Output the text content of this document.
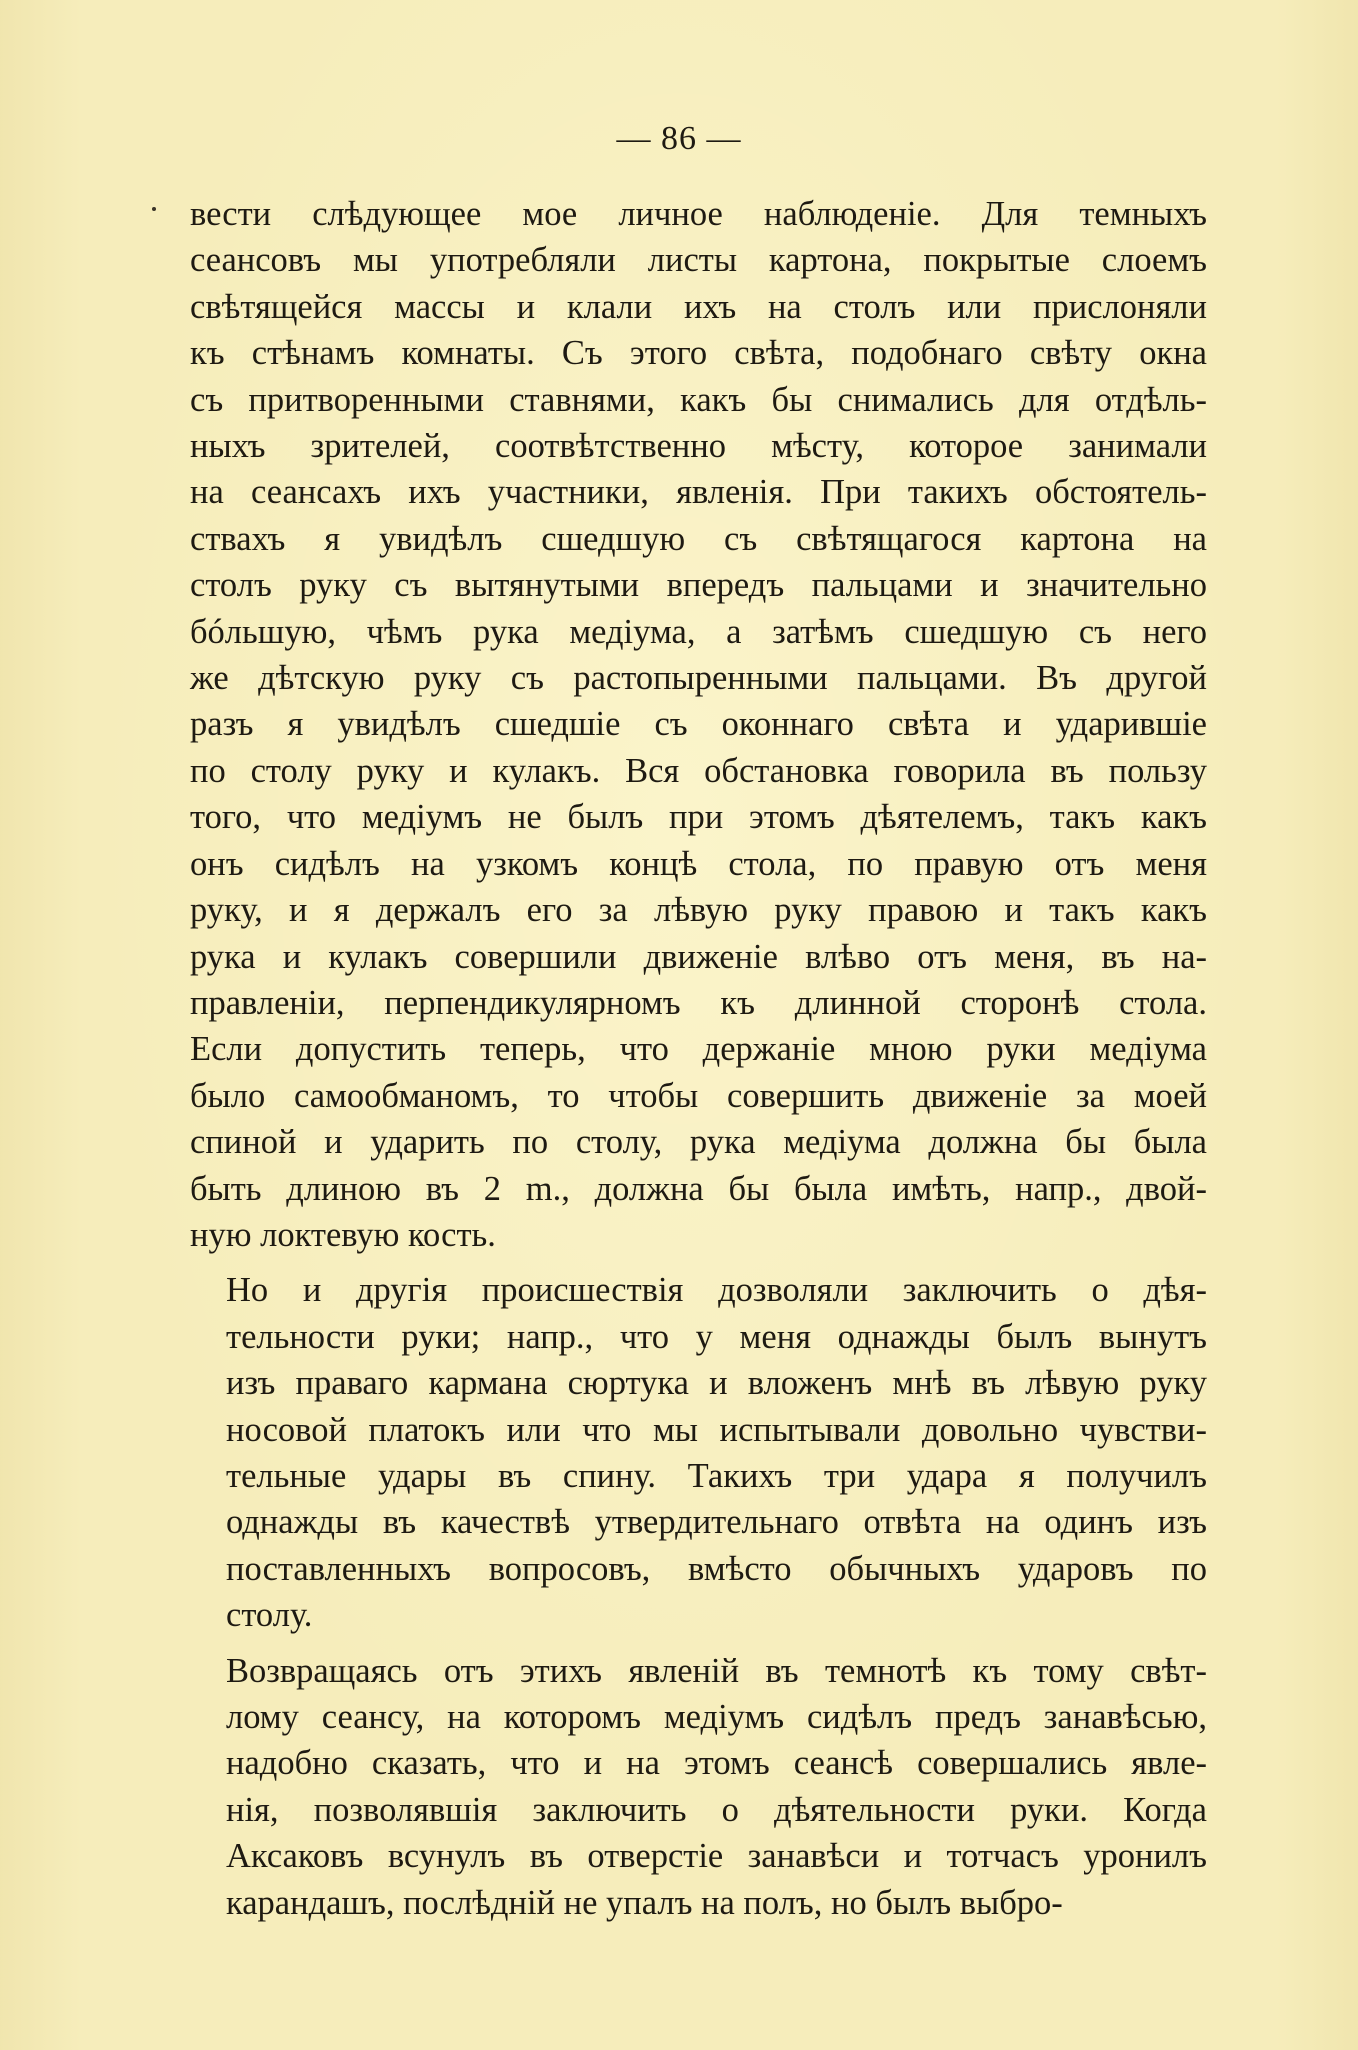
— 86 —

вести слѣдующее мое личное наблюденіе. Для темныхъ
сеансовъ мы употребляли листы картона, покрытые слоемъ
свѣтящейся массы и клали ихъ на столъ или прислоняли
къ стѣнамъ комнаты. Съ этого свѣта, подобнаго свѣту окна
съ притворенными ставнями, какъ бы снимались для отдѣль-
ныхъ зрителей, соотвѣтственно мѣсту, которое занимали
на сеансахъ ихъ участники, явленія. При такихъ обстоятель-
ствахъ я увидѣлъ сшедшую съ свѣтящагося картона на
столъ руку съ вытянутыми впередъ пальцами и значительно
бóльшую, чѣмъ рука медіума, а затѣмъ сшедшую съ него
же дѣтскую руку съ растопыренными пальцами. Въ другой
разъ я увидѣлъ сшедшіе съ оконнаго свѣта и ударившіе
по столу руку и кулакъ. Вся обстановка говорила въ пользу
того, что медіумъ не былъ при этомъ дѣятелемъ, такъ какъ
онъ сидѣлъ на узкомъ концѣ стола, по правую отъ меня
руку, и я держалъ его за лѣвую руку правою и такъ какъ
рука и кулакъ совершили движеніе влѣво отъ меня, въ на-
правленіи, перпендикулярномъ къ длинной сторонѣ стола.
Если допустить теперь, что держаніе мною руки медіума
было самообманомъ, то чтобы совершить движеніе за моей
спиной и ударить по столу, рука медіума должна бы была
быть длиною въ 2 m., должна бы была имѣть, напр., двой-
ную локтевую кость.

Но и другія происшествія дозволяли заключить о дѣя-
тельности руки; напр., что у меня однажды былъ вынутъ
изъ праваго кармана сюртука и вложенъ мнѣ въ лѣвую руку
носовой платокъ или что мы испытывали довольно чувстви-
тельные удары въ спину. Такихъ три удара я получилъ
однажды въ качествѣ утвердительнаго отвѣта на одинъ изъ
поставленныхъ вопросовъ, вмѣсто обычныхъ ударовъ по
столу.

Возвращаясь отъ этихъ явленій въ темнотѣ къ тому свѣт-
лому сеансу, на которомъ медіумъ сидѣлъ предъ занавѣсью,
надобно сказать, что и на этомъ сеансѣ совершались явле-
нія, позволявшія заключить о дѣятельности руки. Когда
Аксаковъ всунулъ въ отверстіе занавѣси и тотчасъ уронилъ
карандашъ, послѣдній не упалъ на полъ, но былъ выбро-
